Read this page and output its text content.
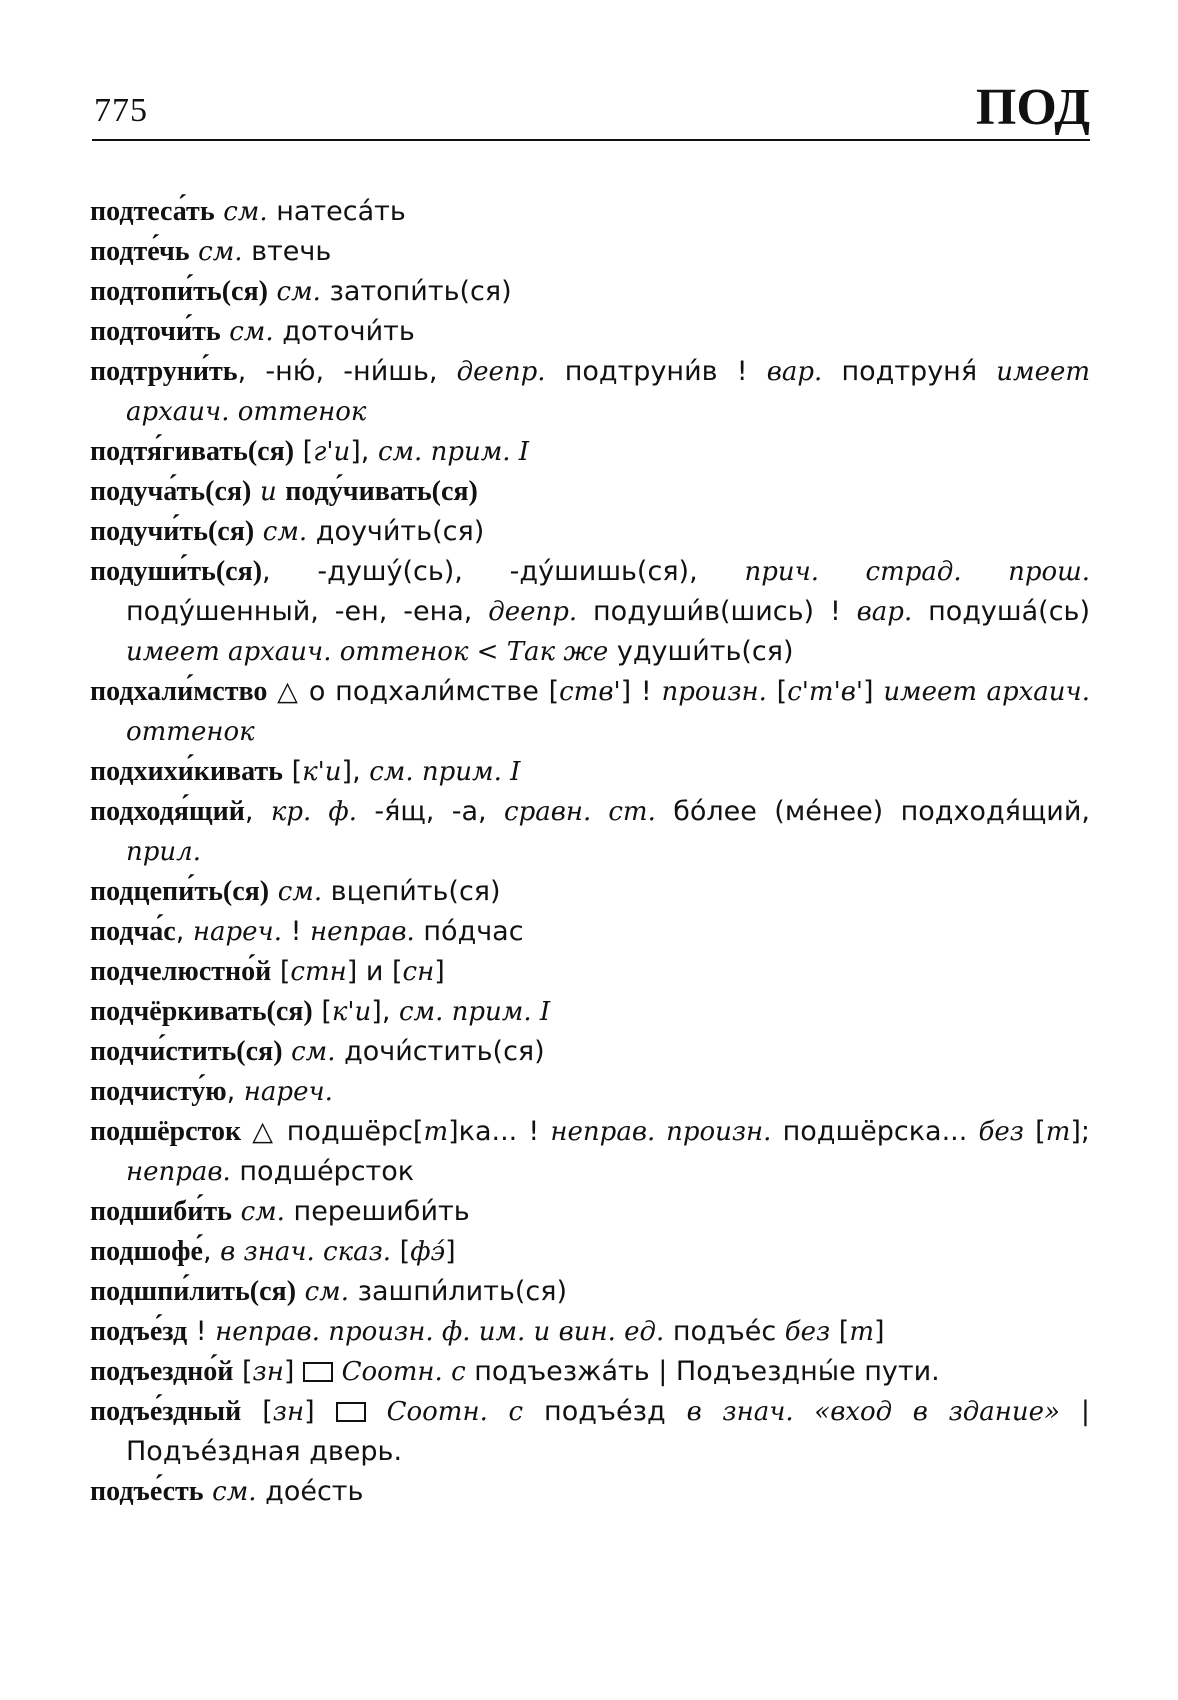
775	ПОД
подтеса́ть см. натеса́ть
подте́чь см. втечь
подтопи́ть(ся) см. затопи́ть(ся)
подточи́ть см. доточи́ть
подтруни́ть, -ню́, -ни́шь, деепр. подтруни́в ! вар. подтруня́ имеет архаич. оттенок
подтя́гивать(ся) [г'и], см. прим. I
подуча́ть(ся) и поду́чивать(ся)
подучи́ть(ся) см. доучи́ть(ся)
подуши́ть(ся), -душу́(сь), -ду́шишь(ся), прич. страд. прош. поду́шенный, -ен, -ена, деепр. подуши́в(шись) ! вар. подуша́(сь) имеет архаич. оттенок < Так же удуши́ть(ся)
подхали́мство △ о подхали́мстве [ств'] ! произн. [с'т'в'] имеет архаич. оттенок
подхихи́кивать [к'и], см. прим. I
подходя́щий, кр. ф. -я́щ, -а, сравн. ст. бо́лее (ме́нее) подходя́щий, прил.
подцепи́ть(ся) см. вцепи́ть(ся)
подча́с, нареч. ! неправ. по́дчас
подчелюстно́й [стн] и [сн]
подчёркивать(ся) [к'и], см. прим. I
подчи́стить(ся) см. дочи́стить(ся)
подчисту́ю, нареч.
подшёрсток △ подшёрс[т]ка... ! неправ. произн. подшёрска... без [т]; неправ. подше́рсток
подшиби́ть см. перешиби́ть
подшофе́, в знач. сказ. [фэ́]
подшпи́лить(ся) см. зашпи́лить(ся)
подъе́зд ! неправ. произн. ф. им. и вин. ед. подъе́с без [т]
подъездно́й [зн]  Соотн. с подъезжа́ть | Подъездны́е пути.
подъе́здный [зн]  Соотн. с подъе́зд в знач. «вход в здание» | Подъе́здная дверь.
подъе́сть см. дое́сть
